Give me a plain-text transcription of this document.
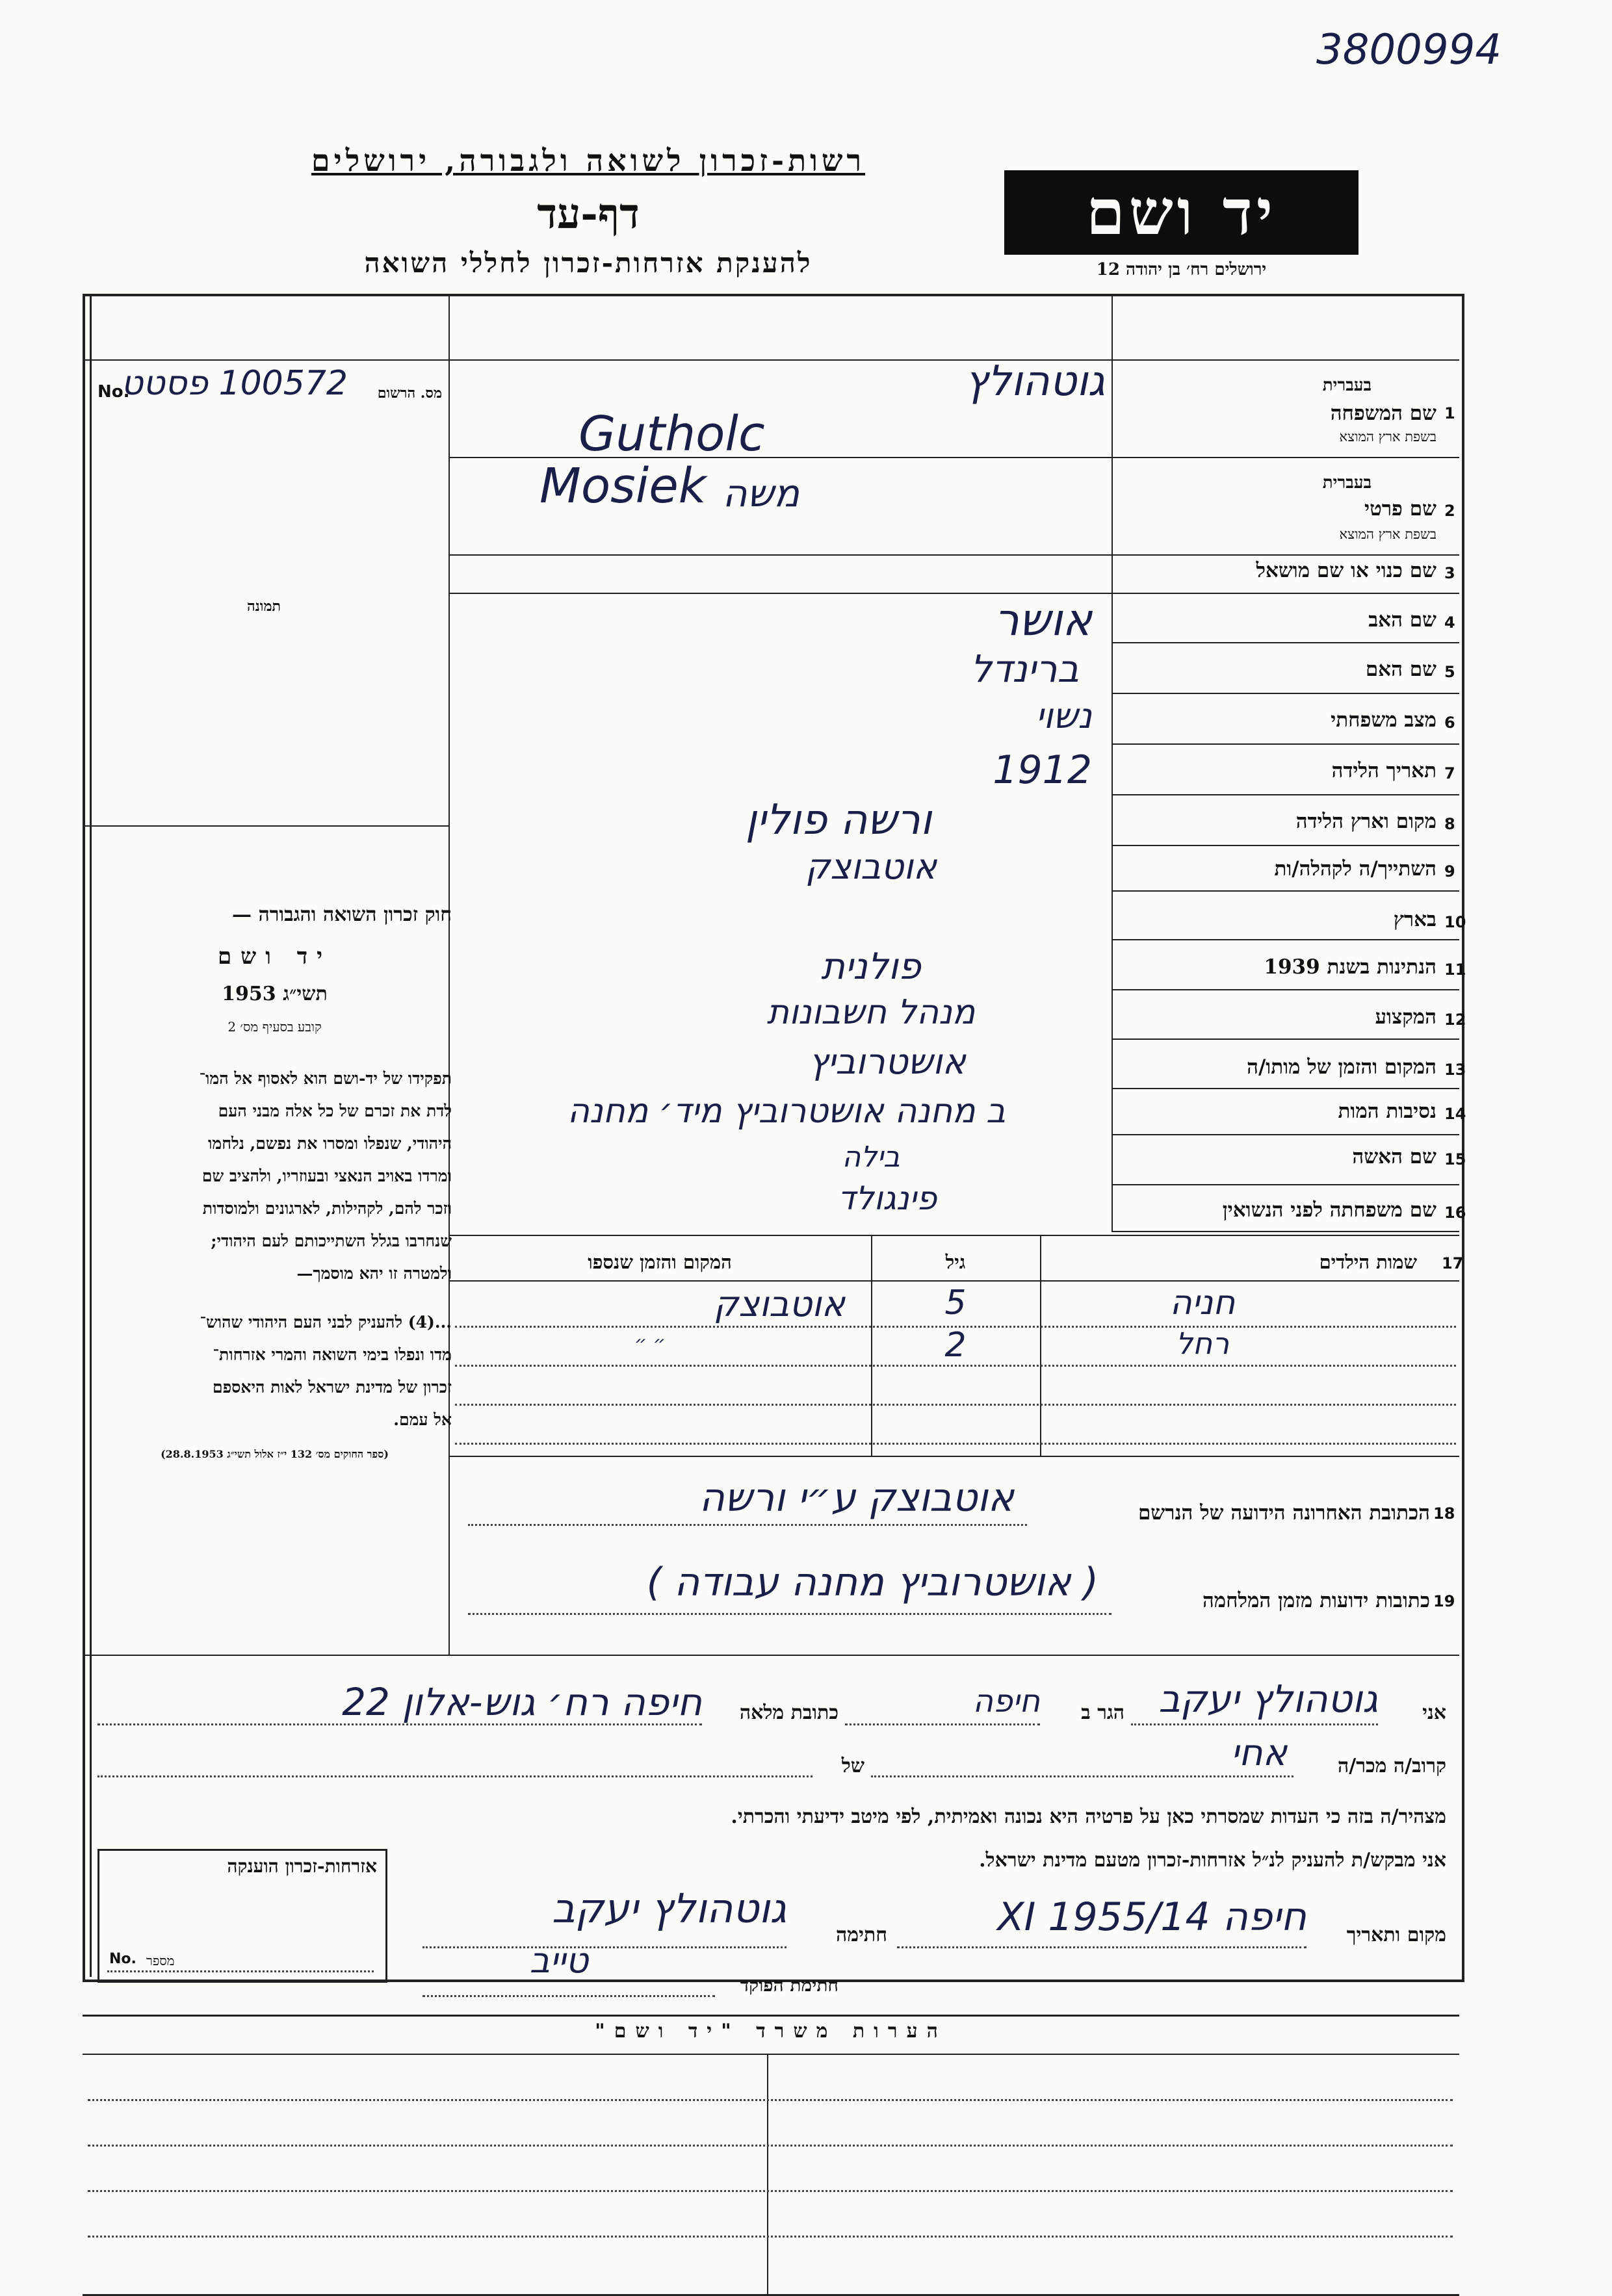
3800994
רשות-זכרון לשואה ולגבורה, ירושלים
דף-עד
להענקת אזרחות-זכרון לחללי השואה
יד ושם
ירושלים רח׳ בן יהודה 12
No.
100572 פסטט	מס. הרשום
תמונה
חוק זכרון השואה והגבורה —
יד ושם
תשי״ג 1953
קובע בסעיף מס׳ 2
תפקידו של יד-ושם הוא לאסוף אל המו־
לדת את זכרם של כל אלה מבני העם
היהודי, שנפלו ומסרו את נפשם, נלחמו
ומרדו באויב הנאצי ובעוזריו, ולהציב שם
וזכר להם, לקהילות, לארגונים ולמוסדות
שנחרבו בגלל השתייכותם לעם היהודי;
ולמטרה זו יהא מוסמך—
...(4) להעניק לבני העם היהודי שהוש־
מדו ונפלו בימי השואה והמרי אזרחות־
זכרון של מדינת ישראל לאות היאספם
אל עמם.
(ספר החוקים מס׳ 132 י״ז אלול תשי״ג 28.8.1953)
1
שם המשפחה
בעברית
בשפת ארץ המוצא
גוטהולץ
Gutholc
2
שם פרטי
בעברית
בשפת ארץ המוצא
משה
Mosiek
3
שם כנוי או שם מושאל
4
שם האב
אושר
5
שם האם
ברינדל
6
מצב משפחתי
נשוי
7
תאריך הלידה
1912
8
מקום וארץ הלידה
ורשה פולין
9
השתייך/ה לקהלה/ות
אוטבוצק
10
בארץ
11
הנתינות בשנת 1939
פולנית
12
המקצוע
מנהל חשבונות
13
המקום והזמן של מותו/ה
אושטרוביץ
14
נסיבות המות
ב מחנה אושטרוביץ מיד׳ מחנה
15
שם האשה
בילה
16
שם משפחתה לפני הנשואין
פינגולד
17
שמות הילדים
גיל
המקום והזמן שנספו
חניה
5
אוטבוצק
רחל
2
״ ״
18
הכתובת האחרונה הידועה של הנרשם
אוטבוצק ע״י ורשה
19
כתובות ידועות מזמן המלחמה
( אושטרוביץ מחנה עבודה )
אני
גוטהולץ יעקב
הגר ב
חיפה
כתובת מלאה
חיפה רח׳ גוש-אלון 22
קרוב/ה מכר/ה
אחי
של
מצהיר/ה בזה כי העדות שמסרתי כאן על פרטיה היא נכונה ואמיתית, לפי מיטב ידיעתי והכרתי.
אני מבקש/ת להעניק לנ״ל אזרחות-זכרון מטעם מדינת ישראל.
מקום ותאריך
חיפה 14/XI 1955
חתימה
גוטהולץ יעקב
חתימת הפוקד
טייב
אזרחות-זכרון הוענקה
מספר
No.
הערות משרד "יד ושם"
